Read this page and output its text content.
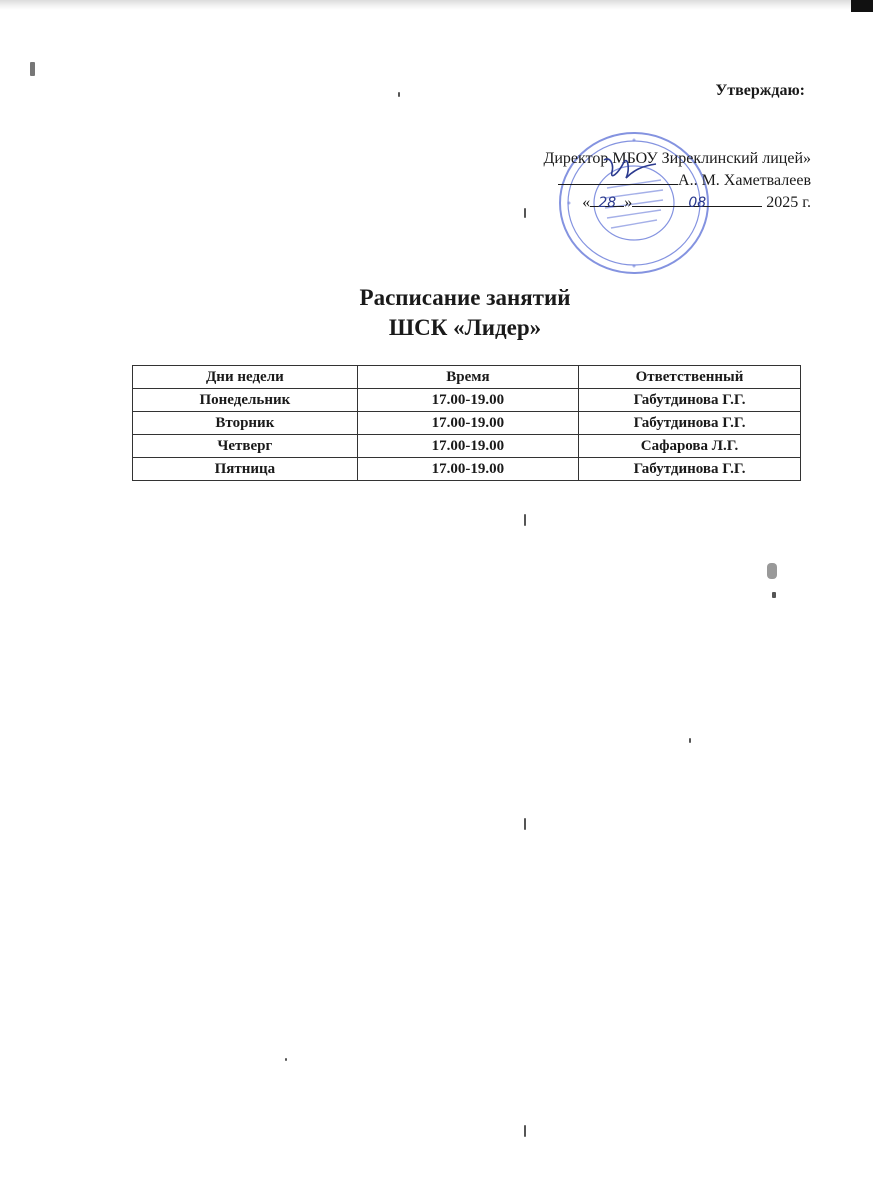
Утверждаю:
Директор МБОУ Зиреклинский лицей»
А.. М. Хаметвалеев
« 28 »	08	2025 г.
Расписание занятий
ШСК «Лидер»
Дни недели	Время	Ответственный
Понедельник	17.00-19.00	Габутдинова Г.Г.
Вторник	17.00-19.00	Габутдинова Г.Г.
Четверг	17.00-19.00	Сафарова Л.Г.
Пятница	17.00-19.00	Габутдинова Г.Г.
